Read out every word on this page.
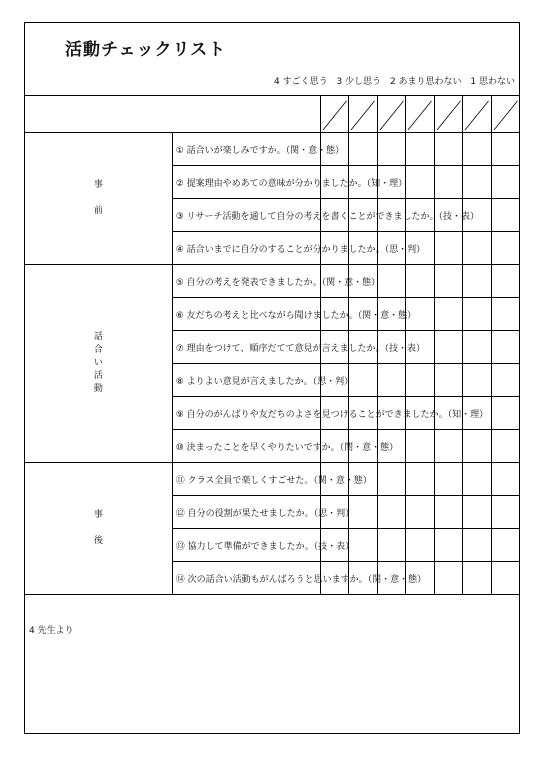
活動チェックリスト
4 すごく思う 3 少し思う 2 あまり思わない 1 思わない

事

前	① 話合いが楽しみですか。（関・意・態）							
	② 提案理由やめあての意味が分かりましたか。（知・理）							
	③ リサーチ活動を通して自分の考えを書くことができましたか。（技・表）							
	④ 話合いまでに自分のすることが分かりましたか。（思・判）							

話
合
い
活
動	⑤ 自分の考えを発表できましたか。（関・意・態）							
	⑥ 友だちの考えと比べながら聞けましたか。（関・意・態）							
	⑦ 理由をつけて、順序だてて意見が言えましたか。（技・表）							
	⑧ よりよい意見が言えましたか。（思・判）							
	⑨ 自分のがんばりや友だちのよさを見つけることができましたか。（知・理）							
	⑩ 決まったことを早くやりたいですか。（関・意・態）							

事

後	⑪ クラス全員で楽しくすごせた。（関・意・態）							
	⑫ 自分の役割が果たせましたか。（思・判）							
	⑬ 協力して準備ができましたか。（技・表）							
	⑭ 次の話合い活動もがんばろうと思いますか。（関・意・態）							
4 先生より
